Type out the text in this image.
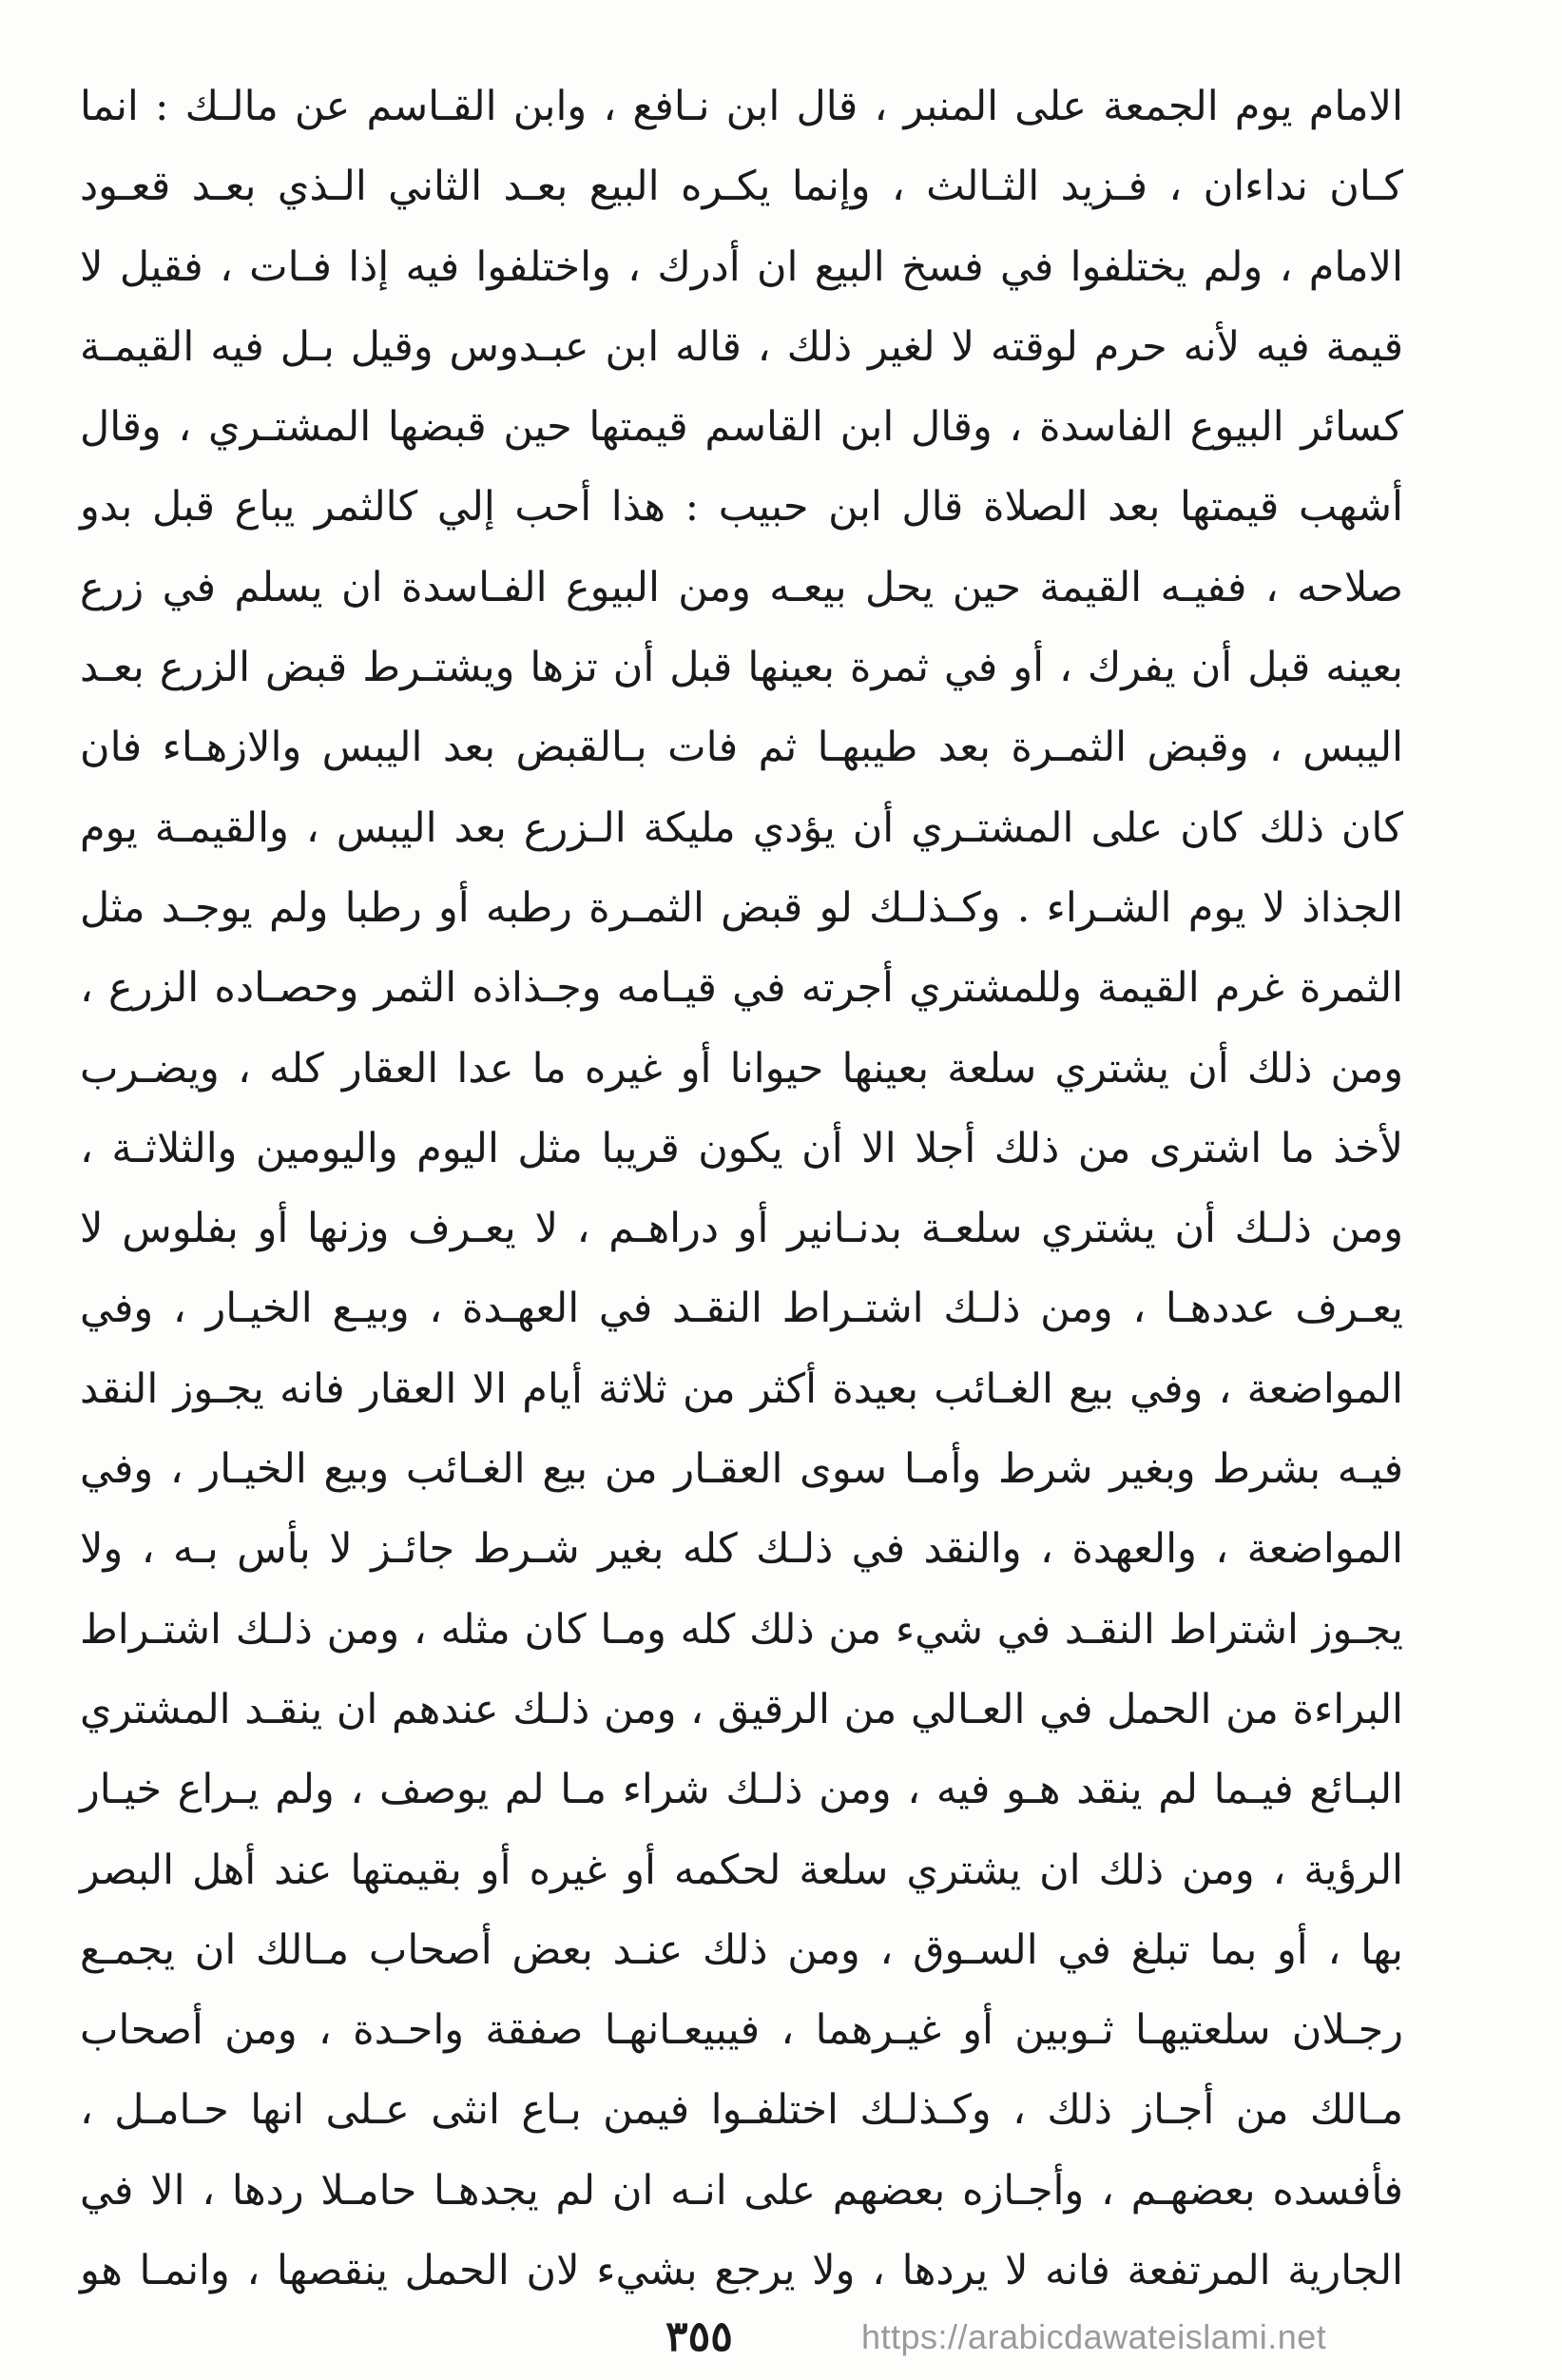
الامام يوم الجمعة على المنبر ، قال ابن نـافع ، وابن القـاسم عن مالـك : انما
كـان نداءان ، فـزيد الثـالث ، وإنما يكـره البيع بعـد الثاني الـذي بعـد قعـود
الامام ، ولم يختلفوا في فسخ البيع ان أدرك ، واختلفوا فيه إذا فـات ، فقيل لا
قيمة فيه لأنه حرم لوقته لا لغير ذلك ، قاله ابن عبـدوس وقيل بـل فيه القيمـة
كسائر البيوع الفاسدة ، وقال ابن القاسم قيمتها حين قبضها المشتـري ، وقال
أشهب قيمتها بعد الصلاة قال ابن حبيب : هذا أحب إلي كالثمر يباع قبل بدو
صلاحه ، ففيـه القيمة حين يحل بيعـه ومن البيوع الفـاسدة ان يسلم في زرع
بعينه قبل أن يفرك ، أو في ثمرة بعينها قبل أن تزها ويشتـرط قبض الزرع بعـد
اليبس ، وقبض الثمـرة بعد طيبهـا ثم فات بـالقبض بعد اليبس والازهـاء فان
كان ذلك كان على المشتـري أن يؤدي مليكة الـزرع بعد اليبس ، والقيمـة يوم
الجذاذ لا يوم الشـراء . وكـذلـك لو قبض الثمـرة رطبه أو رطبا ولم يوجـد مثل
الثمرة غرم القيمة وللمشتري أجرته في قيـامه وجـذاذه الثمر وحصـاده الزرع ،
ومن ذلك أن يشتري سلعة بعينها حيوانا أو غيره ما عدا العقار كله ، ويضـرب
لأخذ ما اشترى من ذلك أجلا الا أن يكون قريبا مثل اليوم واليومين والثلاثـة ،
ومن ذلـك أن يشتري سلعـة بدنـانير أو دراهـم ، لا يعـرف وزنها أو بفلوس لا
يعـرف عددهـا ، ومن ذلـك اشتـراط النقـد في العهـدة ، وبيـع الخيـار ، وفي
المواضعة ، وفي بيع الغـائب بعيدة أكثر من ثلاثة أيام الا العقار فانه يجـوز النقد
فيـه بشرط وبغير شرط وأمـا سوى العقـار من بيع الغـائب وبيع الخيـار ، وفي
المواضعة ، والعهدة ، والنقد في ذلـك كله بغير شـرط جائـز لا بأس بـه ، ولا
يجـوز اشتراط النقـد في شيء من ذلك كله ومـا كان مثله ، ومن ذلـك اشتـراط
البراءة من الحمل في العـالي من الرقيق ، ومن ذلـك عندهم ان ينقـد المشتري
البـائع فيـما لم ينقد هـو فيه ، ومن ذلـك شراء مـا لم يوصف ، ولم يـراع خيـار
الرؤية ، ومن ذلك ان يشتري سلعة لحكمه أو غيره أو بقيمتها عند أهل البصر
بها ، أو بما تبلغ في السـوق ، ومن ذلك عنـد بعض أصحاب مـالك ان يجمـع
رجـلان سلعتيهـا ثـوبين أو غيـرهما ، فيبيعـانهـا صفقة واحـدة ، ومن أصحاب
مـالك من أجـاز ذلك ، وكـذلـك اختلفـوا فيمن بـاع انثى عـلى انها حـامـل ،
فأفسده بعضهـم ، وأجـازه بعضهم على انـه ان لم يجدهـا حامـلا ردها ، الا في
الجارية المرتفعة فانه لا يردها ، ولا يرجع بشيء لان الحمل ينقصها ، وانمـا هو
٣٥٥	https://arabicdawateislami.net
